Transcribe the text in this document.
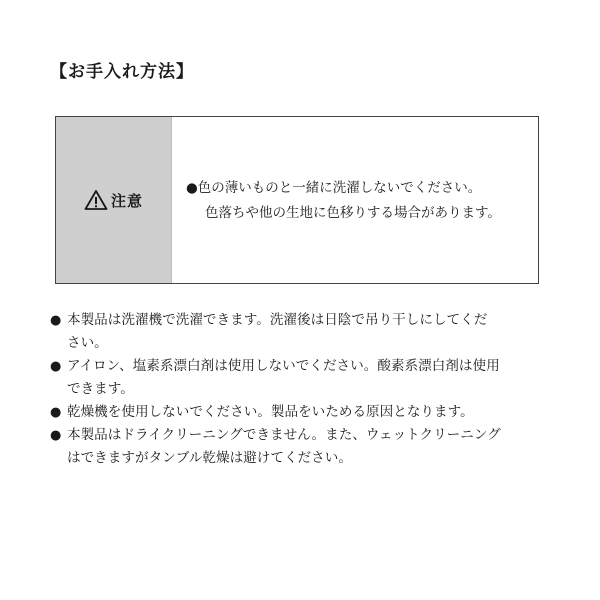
【お手入れ方法】
注意
●色の薄いものと一緒に洗濯しないでください。
色落ちや他の生地に色移りする場合があります。
● 本製品は洗濯機で洗濯できます。洗濯後は日陰で吊り干しにしてくだ
さい。
● アイロン、塩素系漂白剤は使用しないでください。酸素系漂白剤は使用
できます。
● 乾燥機を使用しないでください。製品をいためる原因となります。
● 本製品はドライクリーニングできません。また、ウェットクリーニング
はできますがタンブル乾燥は避けてください。
